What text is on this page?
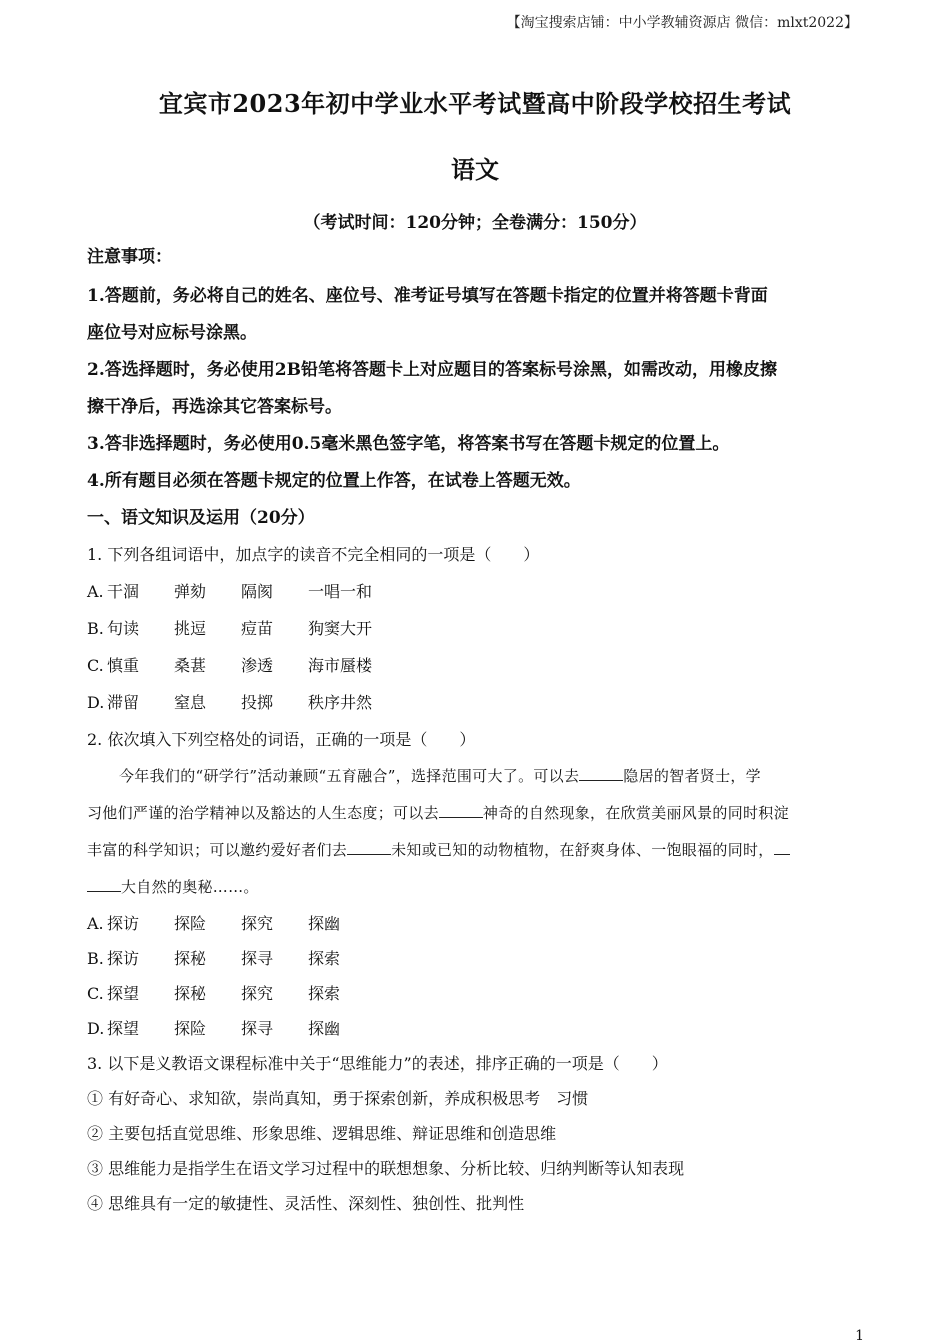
【淘宝搜索店铺：中小学教辅资源店 微信：mlxt2022】
宜宾市2023年初中学业水平考试暨高中阶段学校招生考试
语文
（考试时间：120分钟；全卷满分：150分）
注意事项：
1.答题前，务必将自己的姓名、座位号、准考证号填写在答题卡指定的位置并将答题卡背面
座位号对应标号涂黑。
2.答选择题时，务必使用2B铅笔将答题卡上对应题目的答案标号涂黑，如需改动，用橡皮擦
擦干净后，再选涂其它答案标号。
3.答非选择题时，务必使用0.5毫米黑色签字笔，将答案书写在答题卡规定的位置上。
4.所有题目必须在答题卡规定的位置上作答，在试卷上答题无效。
一、语文知识及运用（20分）
1. 下列各组词语中，加点字的读音不完全相同的一项是（　　）
A. 干涸	弹劾	隔阂	一唱一和
B. 句读	挑逗	痘苗	狗窦大开
C. 慎重	桑葚	渗透	海市蜃楼
D. 滞留	窒息	投掷	秩序井然
2. 依次填入下列空格处的词语，正确的一项是（　　）
今年我们的“研学行”活动兼顾“五育融合”，选择范围可大了。可以去	隐居的智者贤士，学
习他们严谨的治学精神以及豁达的人生态度；可以去	神奇的自然现象，在欣赏美丽风景的同时积淀
丰富的科学知识；可以邀约爱好者们去	未知或已知的动物植物，在舒爽身体、一饱眼福的同时，
大自然的奥秘……。
A. 探访	探险	探究	探幽
B. 探访	探秘	探寻	探索
C. 探望	探秘	探究	探索
D. 探望	探险	探寻	探幽
3. 以下是义教语文课程标准中关于“思维能力”的表述，排序正确的一项是（　　）
① 有好奇心、求知欲，崇尚真知，勇于探索创新，养成积极思考　习惯
② 主要包括直觉思维、形象思维、逻辑思维、辩证思维和创造思维
③ 思维能力是指学生在语文学习过程中的联想想象、分析比较、归纳判断等认知表现
④ 思维具有一定的敏捷性、灵活性、深刻性、独创性、批判性
1
